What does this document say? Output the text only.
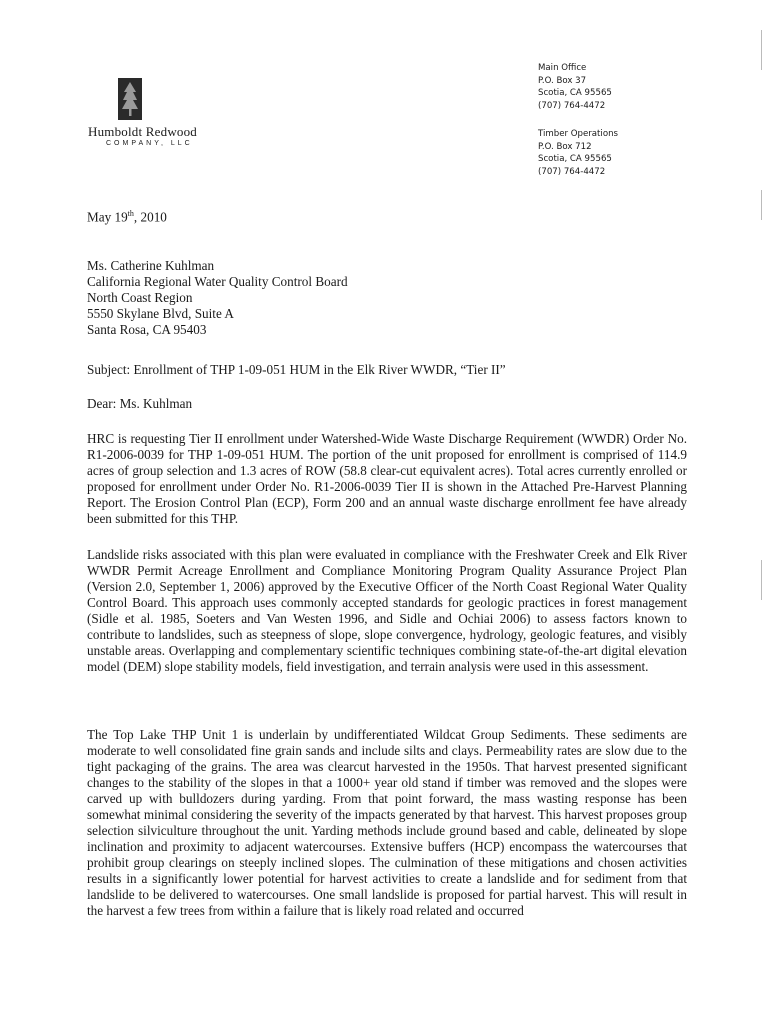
Humboldt Redwood
COMPANY, LLC
Main Office
P.O. Box 37
Scotia, CA 95565
(707) 764-4472
Timber Operations
P.O. Box 712
Scotia, CA 95565
(707) 764-4472
May 19th, 2010
Ms. Catherine Kuhlman
California Regional Water Quality Control Board
North Coast Region
5550 Skylane Blvd, Suite A
Santa Rosa, CA 95403
Subject: Enrollment of THP 1-09-051 HUM in the Elk River WWDR, “Tier II”
Dear: Ms. Kuhlman
HRC is requesting Tier II enrollment under Watershed-Wide Waste Discharge Requirement (WWDR) Order No. R1-2006-0039 for THP 1-09-051 HUM. The portion of the unit proposed for enrollment is comprised of 114.9 acres of group selection and 1.3 acres of ROW (58.8 clear-cut equivalent acres). Total acres currently enrolled or proposed for enrollment under Order No. R1-2006-0039 Tier II is shown in the Attached Pre-Harvest Planning Report. The Erosion Control Plan (ECP), Form 200 and an annual waste discharge enrollment fee have already been submitted for this THP.
Landslide risks associated with this plan were evaluated in compliance with the Freshwater Creek and Elk River WWDR Permit Acreage Enrollment and Compliance Monitoring Program Quality Assurance Project Plan (Version 2.0, September 1, 2006) approved by the Executive Officer of the North Coast Regional Water Quality Control Board. This approach uses commonly accepted standards for geologic practices in forest management (Sidle et al. 1985, Soeters and Van Westen 1996, and Sidle and Ochiai 2006) to assess factors known to contribute to landslides, such as steepness of slope, slope convergence, hydrology, geologic features, and visibly unstable areas. Overlapping and complementary scientific techniques combining state-of-the-art digital elevation model (DEM) slope stability models, field investigation, and terrain analysis were used in this assessment.
The Top Lake THP Unit 1 is underlain by undifferentiated Wildcat Group Sediments. These sediments are moderate to well consolidated fine grain sands and include silts and clays. Permeability rates are slow due to the tight packaging of the grains. The area was clearcut harvested in the 1950s. That harvest presented significant changes to the stability of the slopes in that a 1000+ year old stand if timber was removed and the slopes were carved up with bulldozers during yarding. From that point forward, the mass wasting response has been somewhat minimal considering the severity of the impacts generated by that harvest. This harvest proposes group selection silviculture throughout the unit. Yarding methods include ground based and cable, delineated by slope inclination and proximity to adjacent watercourses. Extensive buffers (HCP) encompass the watercourses that prohibit group clearings on steeply inclined slopes. The culmination of these mitigations and chosen activities results in a significantly lower potential for harvest activities to create a landslide and for sediment from that landslide to be delivered to watercourses. One small landslide is proposed for partial harvest. This will result in the harvest a few trees from within a failure that is likely road related and occurred
